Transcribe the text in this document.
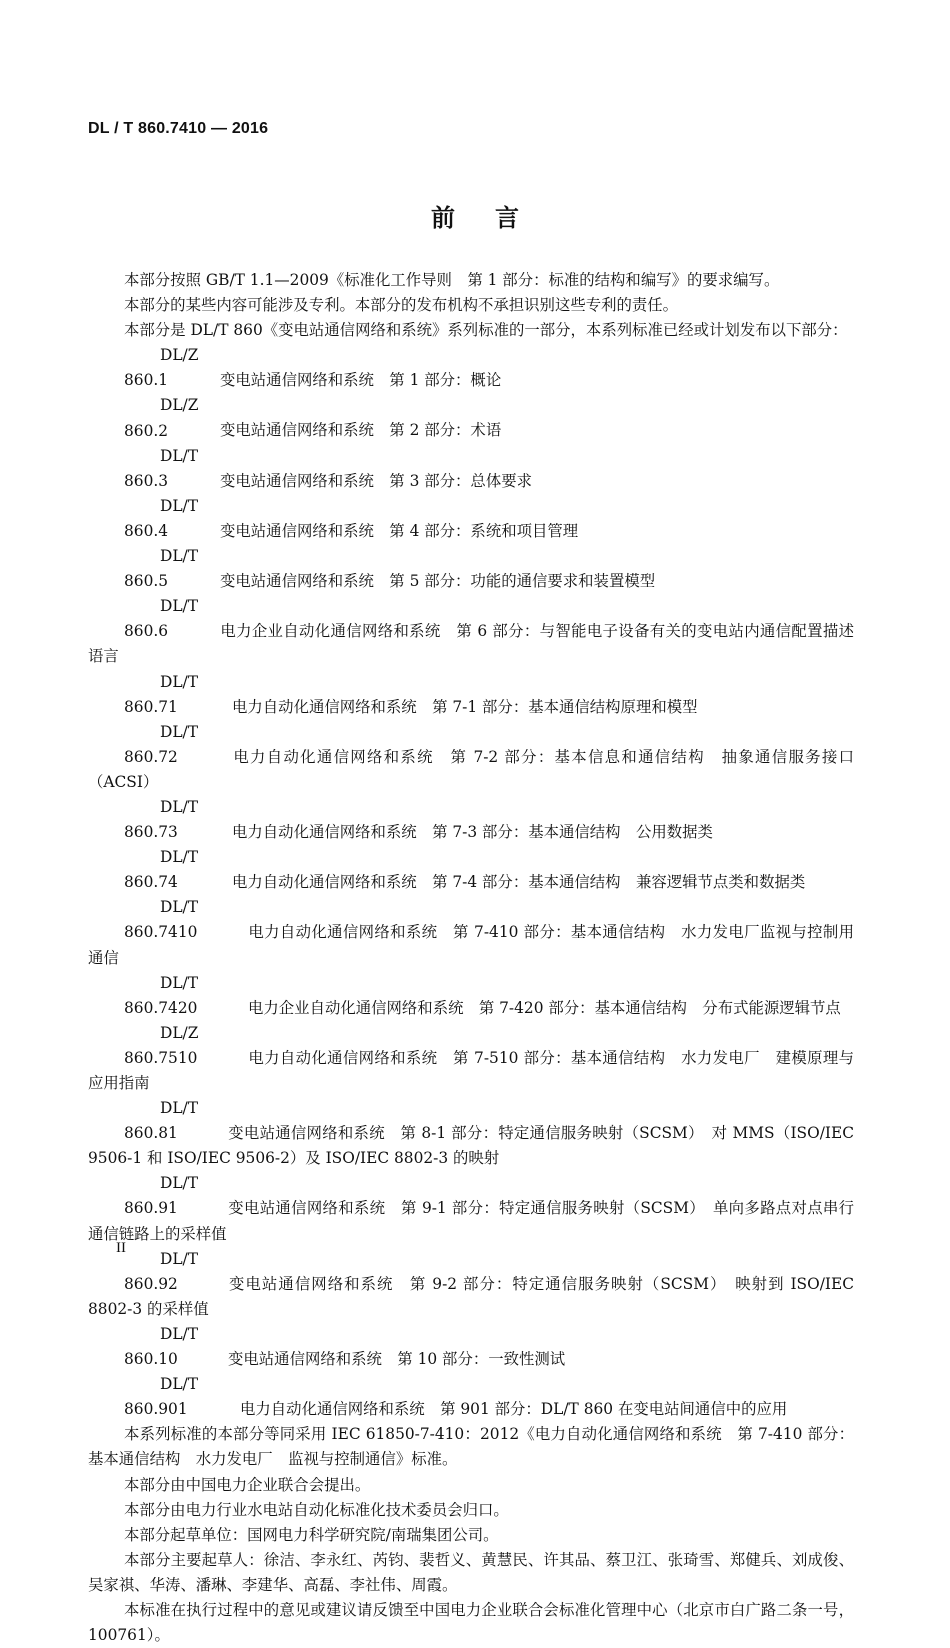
DL / T 860.7410 — 2016
前言
本部分按照 GB/T 1.1—2009《标准化工作导则　第 1 部分：标准的结构和编写》的要求编写。
本部分的某些内容可能涉及专利。本部分的发布机构不承担识别这些专利的责任。
本部分是 DL/T 860《变电站通信网络和系统》系列标准的一部分，本系列标准已经或计划发布以下部分：
DL/Z 860.1	变电站通信网络和系统　第 1 部分：概论
DL/Z 860.2	变电站通信网络和系统　第 2 部分：术语
DL/T 860.3	变电站通信网络和系统　第 3 部分：总体要求
DL/T 860.4	变电站通信网络和系统　第 4 部分：系统和项目管理
DL/T 860.5	变电站通信网络和系统　第 5 部分：功能的通信要求和装置模型
DL/T 860.6	电力企业自动化通信网络和系统　第 6 部分：与智能电子设备有关的变电站内通信配置描述语言
DL/T 860.71	电力自动化通信网络和系统　第 7-1 部分：基本通信结构原理和模型
DL/T 860.72	电力自动化通信网络和系统　第 7-2 部分：基本信息和通信结构　抽象通信服务接口（ACSI）
DL/T 860.73	电力自动化通信网络和系统　第 7-3 部分：基本通信结构　公用数据类
DL/T 860.74	电力自动化通信网络和系统　第 7-4 部分：基本通信结构　兼容逻辑节点类和数据类
DL/T 860.7410	电力自动化通信网络和系统　第 7-410 部分：基本通信结构　水力发电厂监视与控制用通信
DL/T 860.7420	电力企业自动化通信网络和系统　第 7-420 部分：基本通信结构　分布式能源逻辑节点
DL/Z 860.7510	电力自动化通信网络和系统　第 7-510 部分：基本通信结构　水力发电厂　建模原理与应用指南
DL/T 860.81	变电站通信网络和系统　第 8-1 部分：特定通信服务映射（SCSM）　对 MMS（ISO/IEC 9506-1 和 ISO/IEC 9506-2）及 ISO/IEC 8802-3 的映射
DL/T 860.91	变电站通信网络和系统　第 9-1 部分：特定通信服务映射（SCSM）　单向多路点对点串行通信链路上的采样值
DL/T 860.92	变电站通信网络和系统　第 9-2 部分：特定通信服务映射（SCSM）　映射到 ISO/IEC 8802-3 的采样值
DL/T 860.10	变电站通信网络和系统　第 10 部分：一致性测试
DL/T 860.901	电力自动化通信网络和系统　第 901 部分：DL/T 860 在变电站间通信中的应用
本系列标准的本部分等同采用 IEC 61850-7-410：2012《电力自动化通信网络和系统　第 7-410 部分：基本通信结构　水力发电厂　监视与控制通信》标准。
本部分由中国电力企业联合会提出。
本部分由电力行业水电站自动化标准化技术委员会归口。
本部分起草单位：国网电力科学研究院/南瑞集团公司。
本部分主要起草人：徐洁、李永红、芮钧、裴哲义、黄慧民、许其品、蔡卫江、张琦雪、郑健兵、刘成俊、吴家祺、华涛、潘琳、李建华、高磊、李社伟、周霞。
本标准在执行过程中的意见或建议请反馈至中国电力企业联合会标准化管理中心（北京市白广路二条一号，100761）。
II
